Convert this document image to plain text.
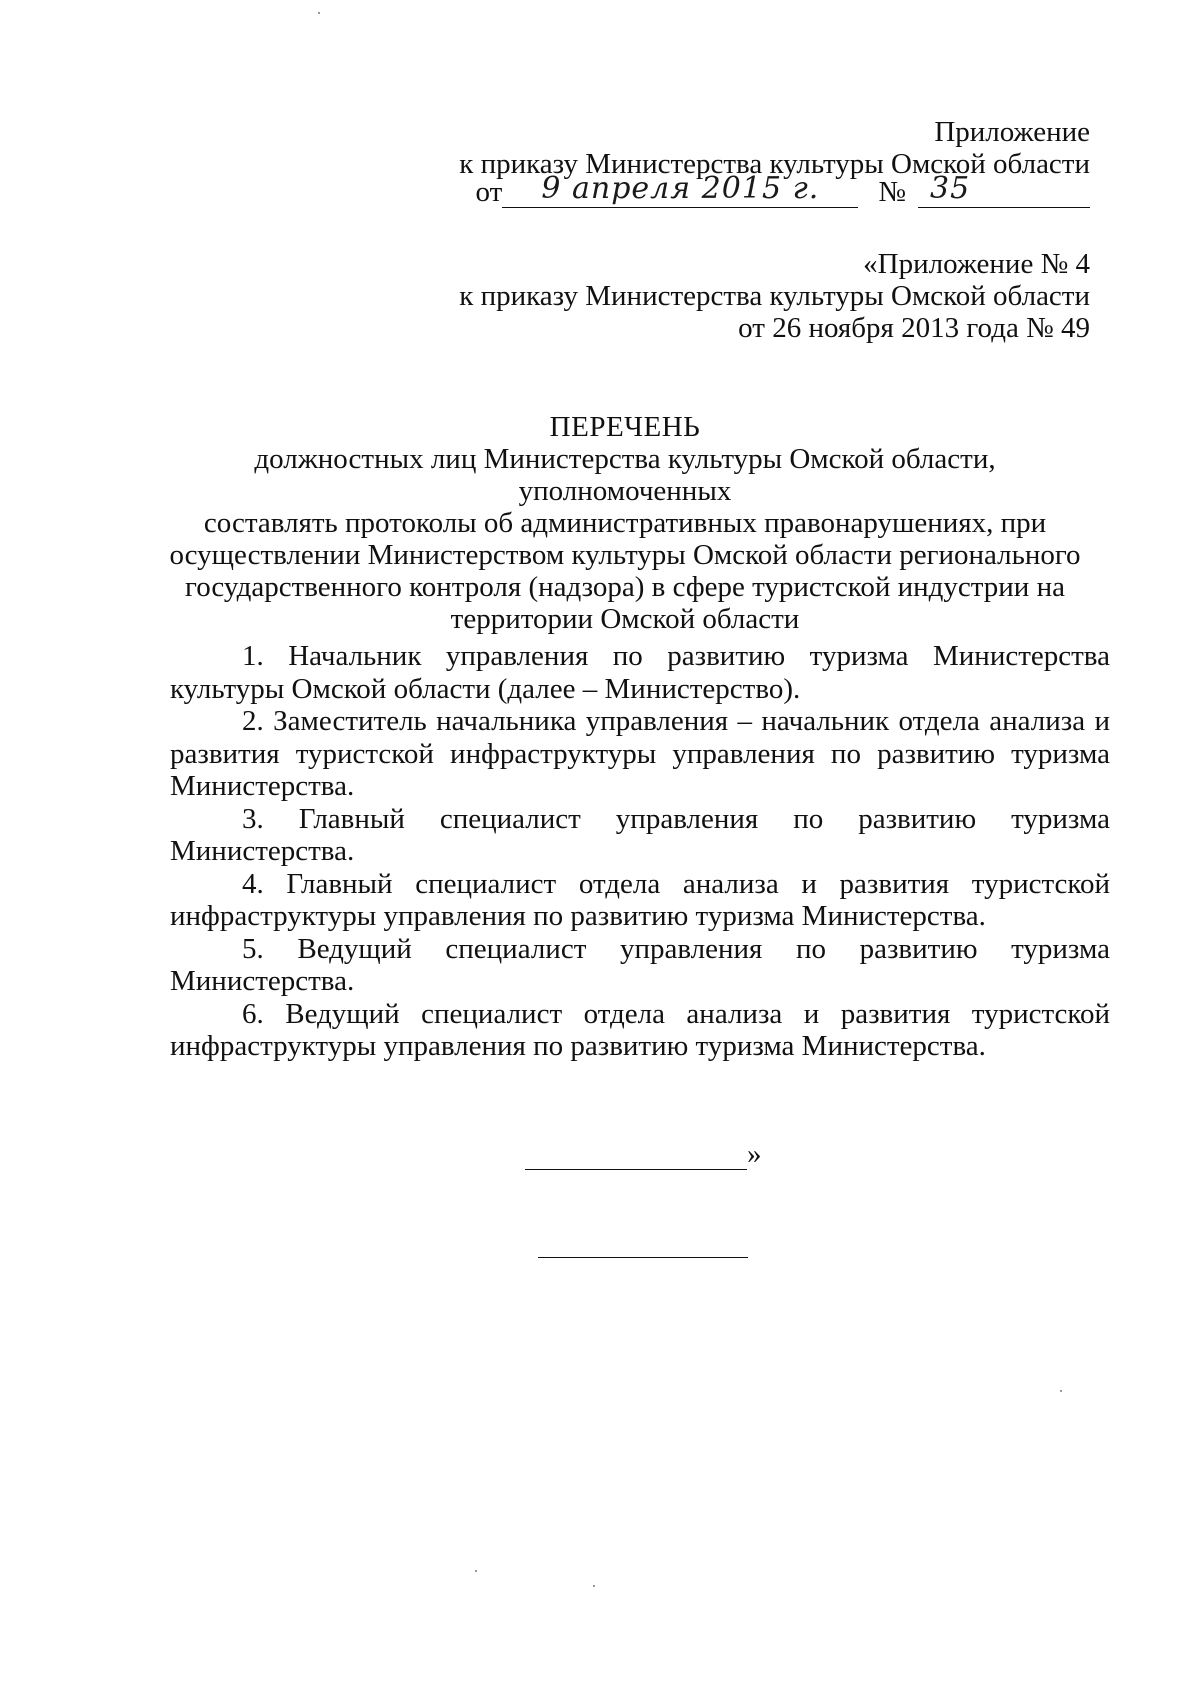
Приложение
к приказу Министерства культуры Омской области
от	9 апреля 2015 г.	№ 35
«Приложение № 4
к приказу Министерства культуры Омской области
от 26 ноября 2013 года № 49
ПЕРЕЧЕНЬ
должностных лиц Министерства культуры Омской области, уполномоченных
составлять протоколы об административных правонарушениях, при
осуществлении Министерством культуры Омской области регионального
государственного контроля (надзора) в сфере туристской индустрии на
территории Омской области

1. Начальник управления по развитию туризма Министерства культуры Омской области (далее – Министерство).

2. Заместитель начальника управления – начальник отдела анализа и развития туристской инфраструктуры управления по развитию туризма Министерства.

3. Главный специалист управления по развитию туризма Министерства.

4. Главный специалист отдела анализа и развития туристской инфраструктуры управления по развитию туризма Министерства.

5. Ведущий специалист управления по развитию туризма Министерства.

6. Ведущий специалист отдела анализа и развития туристской инфраструктуры управления по развитию туризма Министерства.

»
